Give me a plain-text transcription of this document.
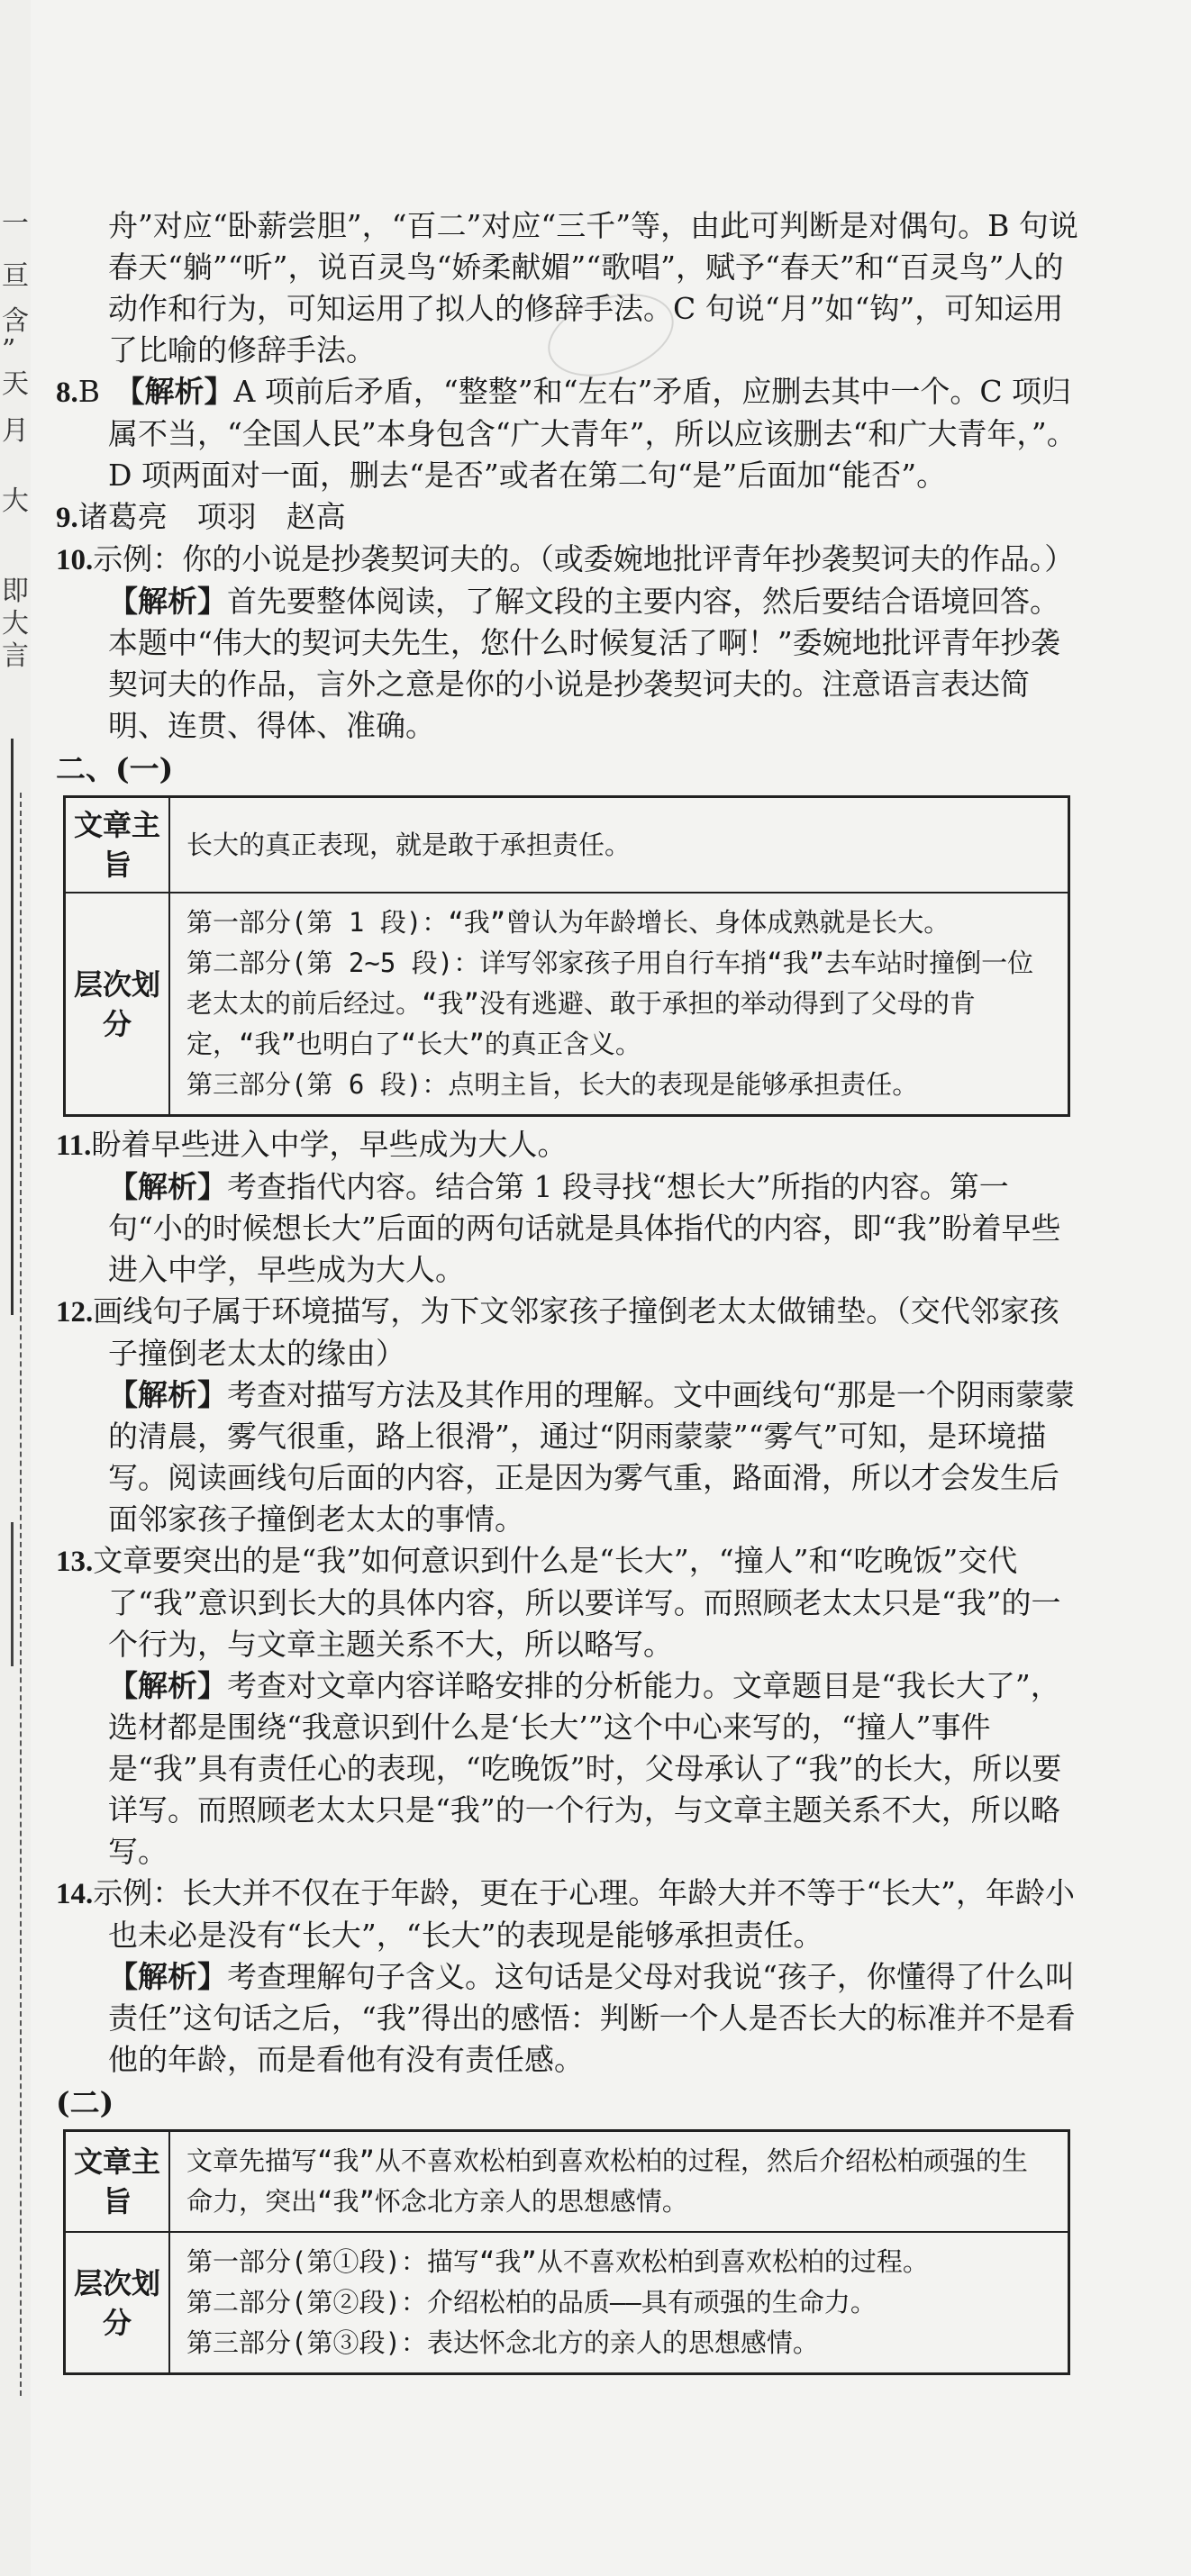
一
亘
含
”
天
月
大
即
大
言

舟”对应“卧薪尝胆”，“百二”对应“三千”等，由此可判断是对偶句。B 句说春天“躺”“听”，说百灵鸟“娇柔献媚”“歌唱”，赋予“春天”和“百灵鸟”人的动作和行为，可知运用了拟人的修辞手法。C 句说“月”如“钩”，可知运用了比喻的修辞手法。

8.B　 【解析】A 项前后矛盾，“整整”和“左右”矛盾，应删去其中一个。C 项归属不当，“全国人民”本身包含“广大青年”，所以应该删去“和广大青年，”。D 项两面对一面，删去“是否”或者在第二句“是”后面加“能否”。

9.诸葛亮　项羽　赵高

10.示例：你的小说是抄袭契诃夫的。（或委婉地批评青年抄袭契诃夫的作品。）

【解析】首先要整体阅读，了解文段的主要内容，然后要结合语境回答。本题中“伟大的契诃夫先生，您什么时候复活了啊！”委婉地批评青年抄袭契诃夫的作品，言外之意是你的小说是抄袭契诃夫的。注意语言表达简明、连贯、得体、准确。

二、(一)

文章主旨	长大的真正表现，就是敢于承担责任。
层次划分	第一部分(第 1 段)：“我”曾认为年龄增长、身体成熟就是长大。
第二部分(第 2~5 段)：详写邻家孩子用自行车捎“我”去车站时撞倒一位老太太的前后经过。“我”没有逃避、敢于承担的举动得到了父母的肯定，“我”也明白了“长大”的真正含义。
第三部分(第 6 段)：点明主旨，长大的表现是能够承担责任。

11.盼着早些进入中学，早些成为大人。

【解析】考查指代内容。结合第 1 段寻找“想长大”所指的内容。第一句“小的时候想长大”后面的两句话就是具体指代的内容，即“我”盼着早些进入中学，早些成为大人。

12.画线句子属于环境描写，为下文邻家孩子撞倒老太太做铺垫。（交代邻家孩子撞倒老太太的缘由）

【解析】考查对描写方法及其作用的理解。文中画线句“那是一个阴雨蒙蒙的清晨，雾气很重，路上很滑”，通过“阴雨蒙蒙”“雾气”可知，是环境描写。阅读画线句后面的内容，正是因为雾气重，路面滑，所以才会发生后面邻家孩子撞倒老太太的事情。

13.文章要突出的是“我”如何意识到什么是“长大”，“撞人”和“吃晚饭”交代了“我”意识到长大的具体内容，所以要详写。而照顾老太太只是“我”的一个行为，与文章主题关系不大，所以略写。

【解析】考查对文章内容详略安排的分析能力。文章题目是“我长大了”，选材都是围绕“我意识到什么是‘长大’”这个中心来写的，“撞人”事件是“我”具有责任心的表现，“吃晚饭”时，父母承认了“我”的长大，所以要详写。而照顾老太太只是“我”的一个行为，与文章主题关系不大，所以略写。

14.示例：长大并不仅在于年龄，更在于心理。年龄大并不等于“长大”，年龄小也未必是没有“长大”，“长大”的表现是能够承担责任。

【解析】考查理解句子含义。这句话是父母对我说“孩子，你懂得了什么叫责任”这句话之后，“我”得出的感悟：判断一个人是否长大的标准并不是看他的年龄，而是看他有没有责任感。

(二)

文章主旨	文章先描写“我”从不喜欢松柏到喜欢松柏的过程，然后介绍松柏顽强的生命力，突出“我”怀念北方亲人的思想感情。
层次划分	第一部分(第①段)：描写“我”从不喜欢松柏到喜欢松柏的过程。
第二部分(第②段)：介绍松柏的品质——具有顽强的生命力。
第三部分(第③段)：表达怀念北方的亲人的思想感情。
